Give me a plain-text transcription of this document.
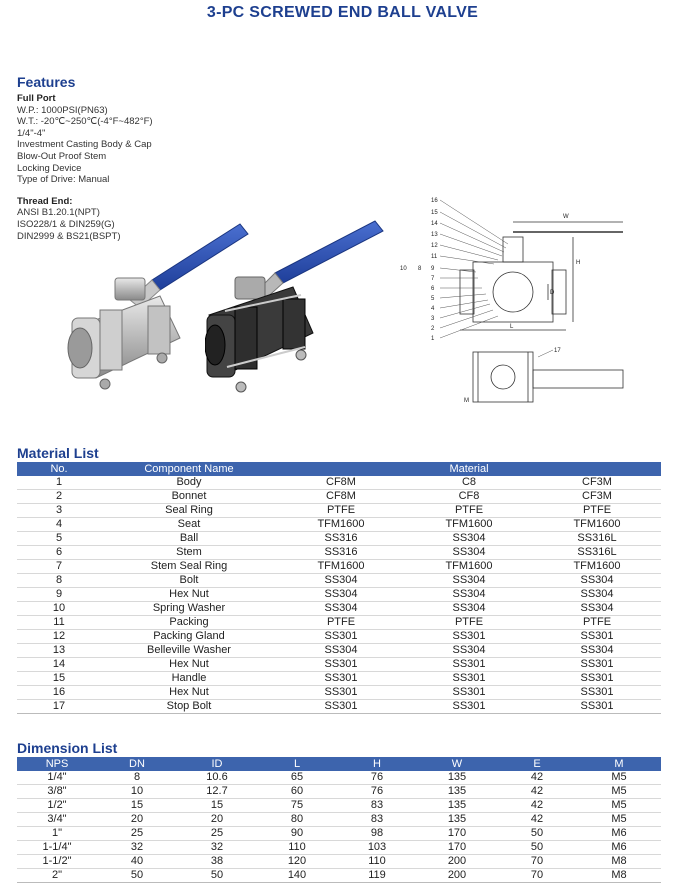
3-PC SCREWED END BALL VALVE
Features
Full Port
W.P.: 1000PSI(PN63)
W.T.: -20℃~250℃(-4°F~482°F)
1/4"-4"
Investment Casting Body & Cap
Blow-Out Proof Stem
Locking Device
Type of Drive: Manual
Thread End:
ANSI B1.20.1(NPT)
ISO228/1 & DIN259(G)
DIN2999 & BS21(BSPT)
16
15
14
13
12
11
9
7
6
5
4
3
2
1
10 8
W
H
L
D
M
17
Material List
No.	Component Name	Material		
1	Body	CF8M	C8	CF3M
2	Bonnet	CF8M	CF8	CF3M
3	Seal Ring	PTFE	PTFE	PTFE
4	Seat	TFM1600	TFM1600	TFM1600
5	Ball	SS316	SS304	SS316L
6	Stem	SS316	SS304	SS316L
7	Stem Seal Ring	TFM1600	TFM1600	TFM1600
8	Bolt	SS304	SS304	SS304
9	Hex Nut	SS304	SS304	SS304
10	Spring Washer	SS304	SS304	SS304
11	Packing	PTFE	PTFE	PTFE
12	Packing Gland	SS301	SS301	SS301
13	Belleville Washer	SS304	SS304	SS304
14	Hex Nut	SS301	SS301	SS301
15	Handle	SS301	SS301	SS301
16	Hex Nut	SS301	SS301	SS301
17	Stop Bolt	SS301	SS301	SS301
Dimension List
NPS	DN	ID	L	H	W	E	M
1/4"	8	10.6	65	76	135	42	M5
3/8"	10	12.7	60	76	135	42	M5
1/2"	15	15	75	83	135	42	M5
3/4"	20	20	80	83	135	42	M5
1"	25	25	90	98	170	50	M6
1-1/4"	32	32	110	103	170	50	M6
1-1/2"	40	38	120	110	200	70	M8
2"	50	50	140	119	200	70	M8
